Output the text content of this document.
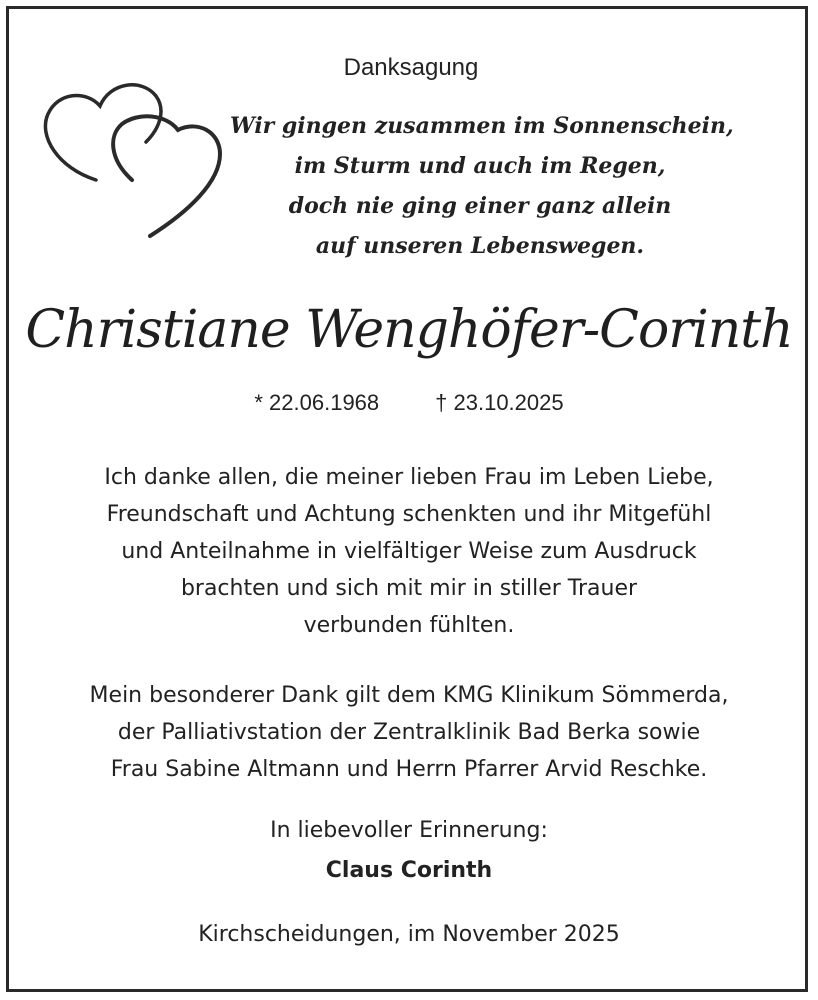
Danksagung
Wir gingen zusammen im Sonnenschein,
im Sturm und auch im Regen,
doch nie ging einer ganz allein
auf unseren Lebenswegen.
Christiane Wenghöfer-Corinth
* 22.06.1968	† 23.10.2025
Ich danke allen, die meiner lieben Frau im Leben Liebe,
Freundschaft und Achtung schenkten und ihr Mitgefühl
und Anteilnahme in vielfältiger Weise zum Ausdruck
brachten und sich mit mir in stiller Trauer
verbunden fühlten.
Mein besonderer Dank gilt dem KMG Klinikum Sömmerda,
der Palliativstation der Zentralklinik Bad Berka sowie
Frau Sabine Altmann und Herrn Pfarrer Arvid Reschke.
In liebevoller Erinnerung:
Claus Corinth
Kirchscheidungen, im November 2025
